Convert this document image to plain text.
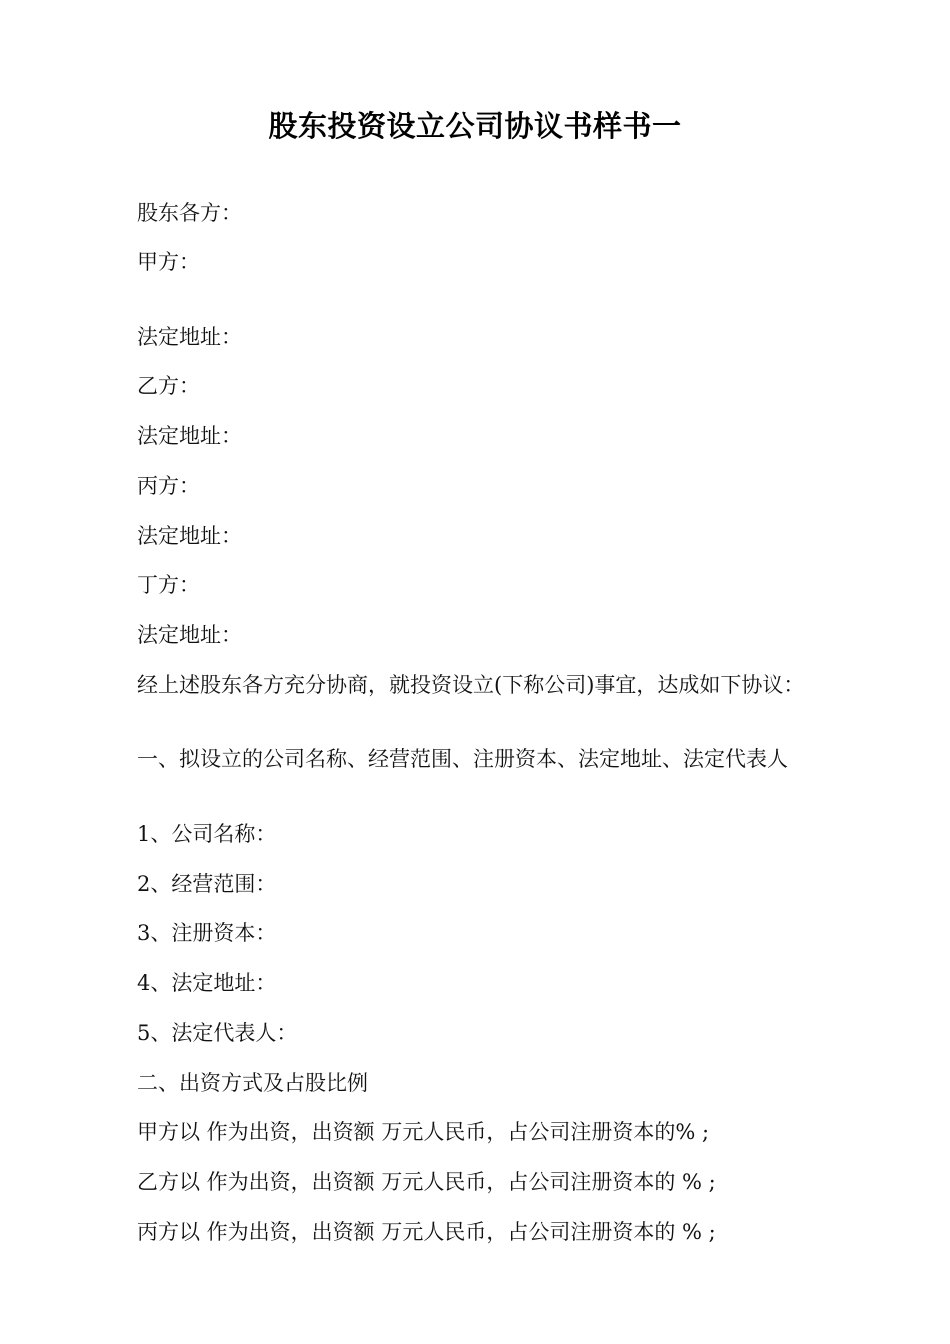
股东投资设立公司协议书样书一
股东各方：
甲方：
法定地址：
乙方：
法定地址：
丙方：
法定地址：
丁方：
法定地址：
经上述股东各方充分协商，就投资设立(下称公司)事宜，达成如下协议：
一、拟设立的公司名称、经营范围、注册资本、法定地址、法定代表人
1、公司名称：
2、经营范围：
3、注册资本：
4、法定地址：
5、法定代表人：
二、出资方式及占股比例
甲方以 作为出资，出资额 万元人民币，占公司注册资本的% ;
乙方以 作为出资，出资额 万元人民币，占公司注册资本的 % ;
丙方以 作为出资，出资额 万元人民币，占公司注册资本的 % ;
